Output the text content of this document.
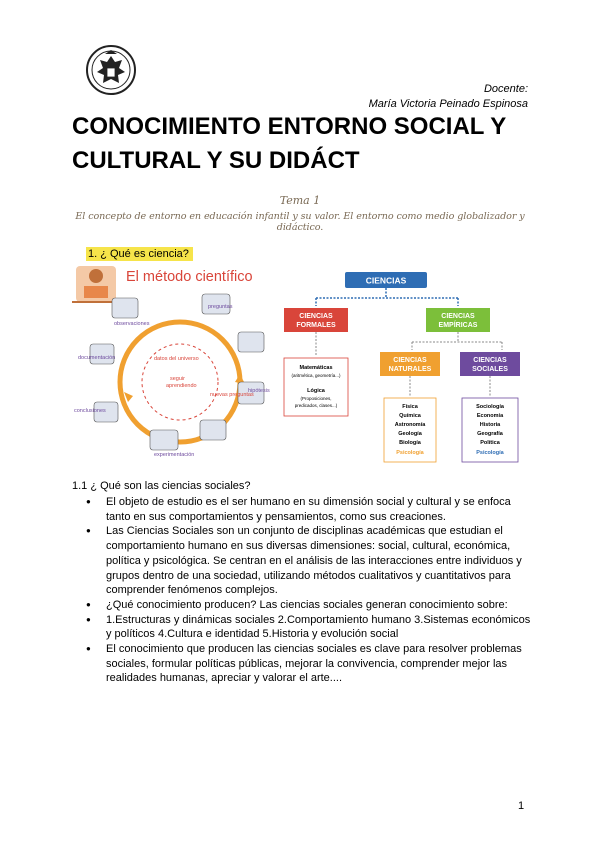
Docente:
María Victoria Peinado Espinosa
CONOCIMIENTO ENTORNO SOCIAL Y CULTURAL Y SU DIDÁCT
Tema 1
El concepto de entorno en educación infantil y su valor. El entorno como medio globalizador y didáctico.
1. ¿ Qué es ciencia?
El método científico
observaciones
preguntas
documentación
conclusiones
experimentación
hipótesis
datos del universo
nuevas preguntas
seguir
aprendiendo
CIENCIAS
CIENCIAS
FORMALES
CIENCIAS
EMPÍRICAS
CIENCIAS
NATURALES
CIENCIAS
SOCIALES
Matemáticas
(aritmética, geometría...)
Lógica
(Proposiciones,
predicados, clases...)	Física
Química
Astronomía
Geología
Biología
Psicología
Sociología
Economía
Historia
Geografía
Política
Psicología
1.1 ¿ Qué son las ciencias sociales?
● El objeto de estudio es el ser humano en su dimensión social y cultural y se enfoca tanto en sus comportamientos y pensamientos, como sus creaciones.
● Las Ciencias Sociales son un conjunto de disciplinas académicas que estudian el comportamiento humano en sus diversas dimensiones: social, cultural, económica, política y psicológica. Se centran en el análisis de las interacciones entre individuos y grupos dentro de una sociedad, utilizando métodos cualitativos y cuantitativos para comprender fenómenos complejos.
● ¿Qué conocimiento producen? Las ciencias sociales generan conocimiento sobre:
● 1.Estructuras y dinámicas sociales 2.Comportamiento humano 3.Sistemas económicos y políticos 4.Cultura e identidad 5.Historia y evolución social
● El conocimiento que producen las ciencias sociales es clave para resolver problemas sociales, formular políticas públicas, mejorar la convivencia, comprender mejor las realidades humanas, apreciar y valorar el arte....
1
